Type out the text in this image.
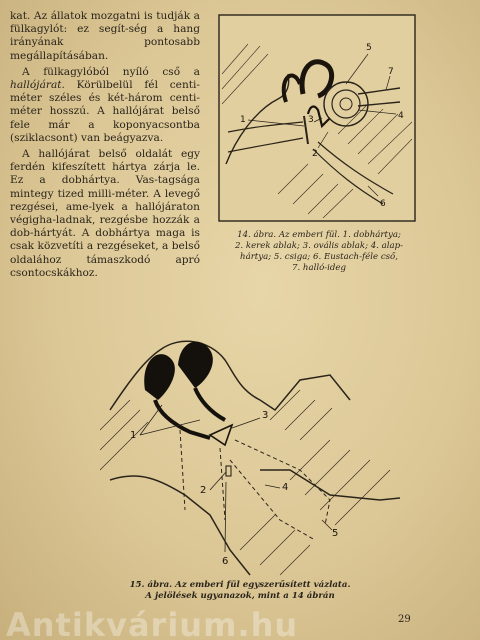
kat. Az állatok mozgatni is tudják a fülkagylót: ez segít-ség a hang irányának pontosabb megállapításában.

A fülkagylóból nyíló cső a hallójárat. Körülbelül fél centi-méter széles és két-három centi-méter hosszú. A hallójárat belső fele már a koponyacsontba (sziklacsont) van beágyazva.

A hallójárat belső oldalát egy ferdén kifeszített hártya zárja le. Ez a dobhártya. Vas-tagsága mintegy tized milli-méter. A levegő rezgései, ame-lyek a hallójáraton végigha-ladnak, rezgésbe hozzák a dob-hártyát. A dobhártya maga is csak közvetíti a rezgéseket, a belső oldalához támaszkodó apró csontocskákhoz.

1
2
3	4
5
6
7
14. ábra. Az emberi fül. 1. dobhártya;
2. kerek ablak; 3. ovális ablak; 4. alap-
hártya; 5. csiga; 6. Eustach-féle cső,
7. halló-ideg
1
2
3
4
5
6
15. ábra. Az emberi fül egyszerűsített vázlata.
A jelölések ugyanazok, mint a 14 ábrán
29
Antikvárium.hu
